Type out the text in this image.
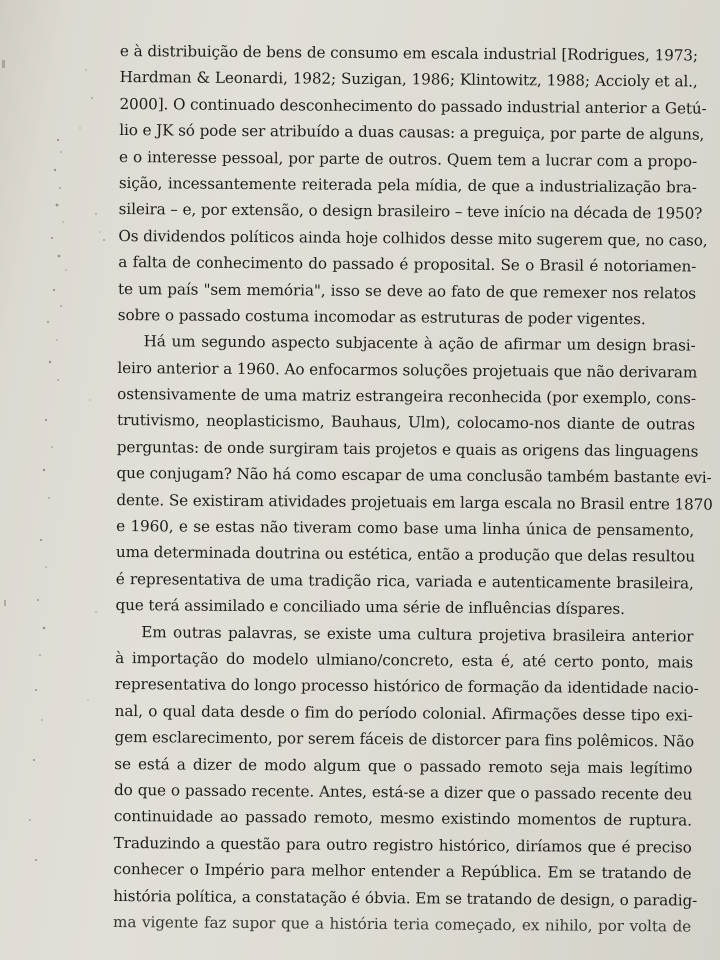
e à distribuição de bens de consumo em escala industrial [Rodrigues, 1973;
Hardman & Leonardi, 1982; Suzigan, 1986; Klintowitz, 1988; Accioly et al.,
2000]. O continuado desconhecimento do passado industrial anterior a Getú-
lio e JK só pode ser atribuído a duas causas: a preguiça, por parte de alguns,
e o interesse pessoal, por parte de outros. Quem tem a lucrar com a propo-
sição, incessantemente reiterada pela mídia, de que a industrialização bra-
sileira – e, por extensão, o design brasileiro – teve início na década de 1950?
Os dividendos políticos ainda hoje colhidos desse mito sugerem que, no caso,
a falta de conhecimento do passado é proposital. Se o Brasil é notoriamen-
te um país "sem memória", isso se deve ao fato de que remexer nos relatos
sobre o passado costuma incomodar as estruturas de poder vigentes.
Há um segundo aspecto subjacente à ação de afirmar um design brasi-
leiro anterior a 1960. Ao enfocarmos soluções projetuais que não derivaram
ostensivamente de uma matriz estrangeira reconhecida (por exemplo, cons-
trutivismo, neoplasticismo, Bauhaus, Ulm), colocamo-nos diante de outras
perguntas: de onde surgiram tais projetos e quais as origens das linguagens
que conjugam? Não há como escapar de uma conclusão também bastante evi-
dente. Se existiram atividades projetuais em larga escala no Brasil entre 1870
e 1960, e se estas não tiveram como base uma linha única de pensamento,
uma determinada doutrina ou estética, então a produção que delas resultou
é representativa de uma tradição rica, variada e autenticamente brasileira,
que terá assimilado e conciliado uma série de influências díspares.
Em outras palavras, se existe uma cultura projetiva brasileira anterior
à importação do modelo ulmiano/concreto, esta é, até certo ponto, mais
representativa do longo processo histórico de formação da identidade nacio-
nal, o qual data desde o fim do período colonial. Afirmações desse tipo exi-
gem esclarecimento, por serem fáceis de distorcer para fins polêmicos. Não
se está a dizer de modo algum que o passado remoto seja mais legítimo
do que o passado recente. Antes, está-se a dizer que o passado recente deu
continuidade ao passado remoto, mesmo existindo momentos de ruptura.
Traduzindo a questão para outro registro histórico, diríamos que é preciso
conhecer o Império para melhor entender a República. Em se tratando de
história política, a constatação é óbvia. Em se tratando de design, o paradig-
ma vigente faz supor que a história teria começado, ex nihilo, por volta de
